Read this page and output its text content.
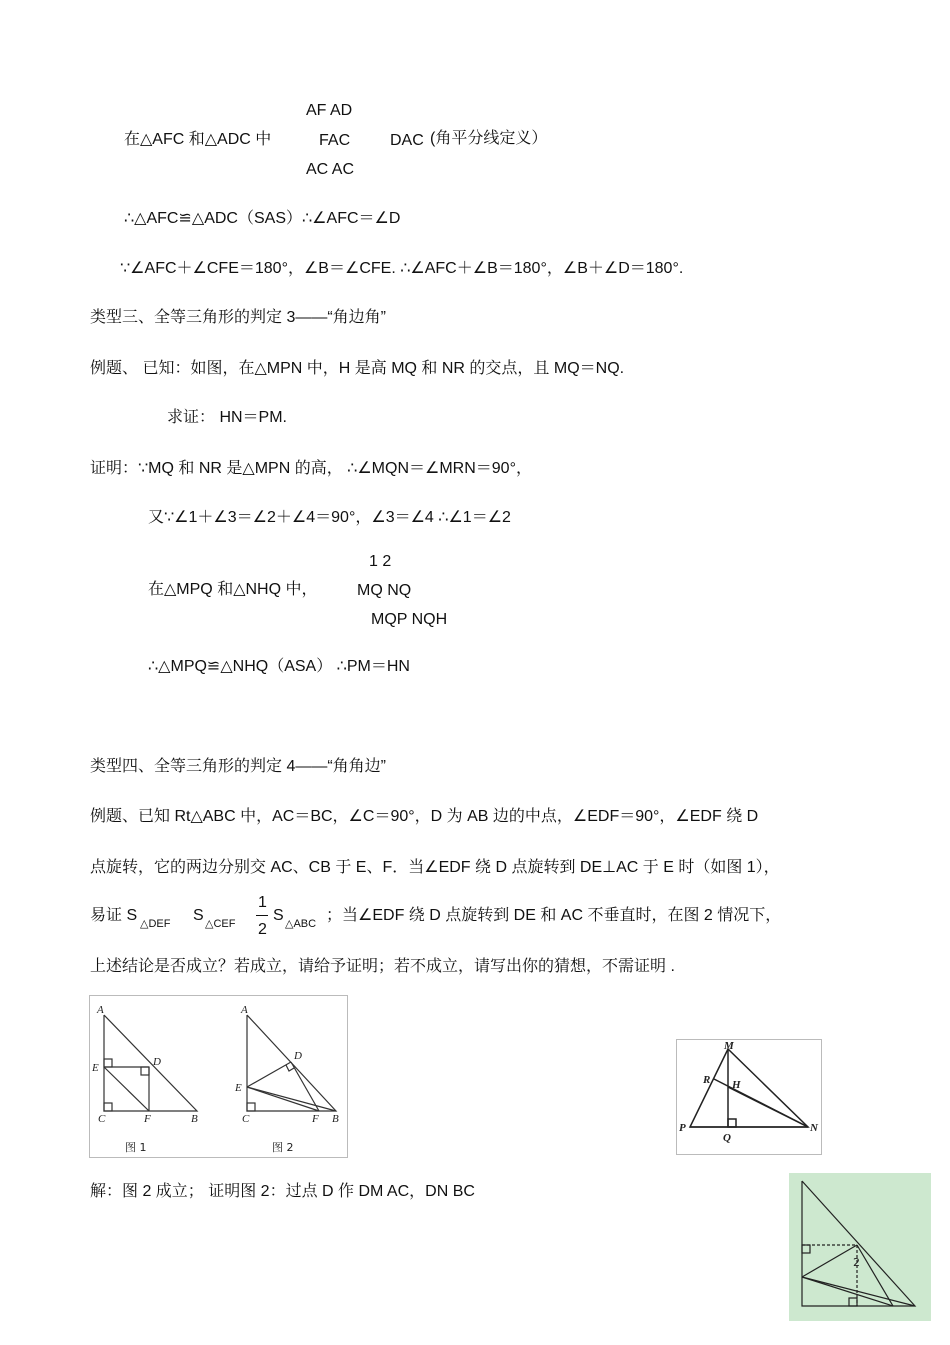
AF AD
在△AFC 和△ADC 中	FAC DAC (角平分线定义）
AC AC
∴△AFC≌△ADC（SAS）∴∠AFC＝∠D
∵∠AFC＋∠CFE＝180°，∠B＝∠CFE. ∴∠AFC＋∠B＝180°，∠B＋∠D＝180°.
类型三、全等三角形的判定 3——“角边角”
例题、 已知：如图，在△MPN 中，H 是高 MQ 和 NR 的交点，且 MQ＝NQ.
求证： HN＝PM.
证明：∵MQ 和 NR 是△MPN 的高， ∴∠MQN＝∠MRN＝90°，
又∵∠1＋∠3＝∠2＋∠4＝90°，∠3＝∠4 ∴∠1＝∠2
1 2
在△MPQ 和△NHQ 中， MQ NQ
MQP NQH
∴△MPQ≌△NHQ（ASA） ∴PM＝HN
类型四、全等三角形的判定 4——“角角边”
例题、已知 Rt△ABC 中，AC＝BC，∠C＝90°，D 为 AB 边的中点，∠EDF＝90°，∠EDF 绕 D
点旋转，它的两边分别交 AC、CB 于 E、F．当∠EDF 绕 D 点旋转到 DE⊥AC 于 E 时（如图 1），
易证 S △DEF S △CEF
1
2
S △ABC ；当∠EDF 绕 D 点旋转到 DE 和 AC 不垂直时，在图 2 情况下，
上述结论是否成立？若成立，请给予证明；若不成立，请写出你的猜想，不需证明 .
A
E	D
C	F	B
图 1
A
D
E
C	F B
图 2
M
R H
P
Q
N
解：图 2 成立； 证明图 2：过点 D 作 DM AC，DN BC
2
